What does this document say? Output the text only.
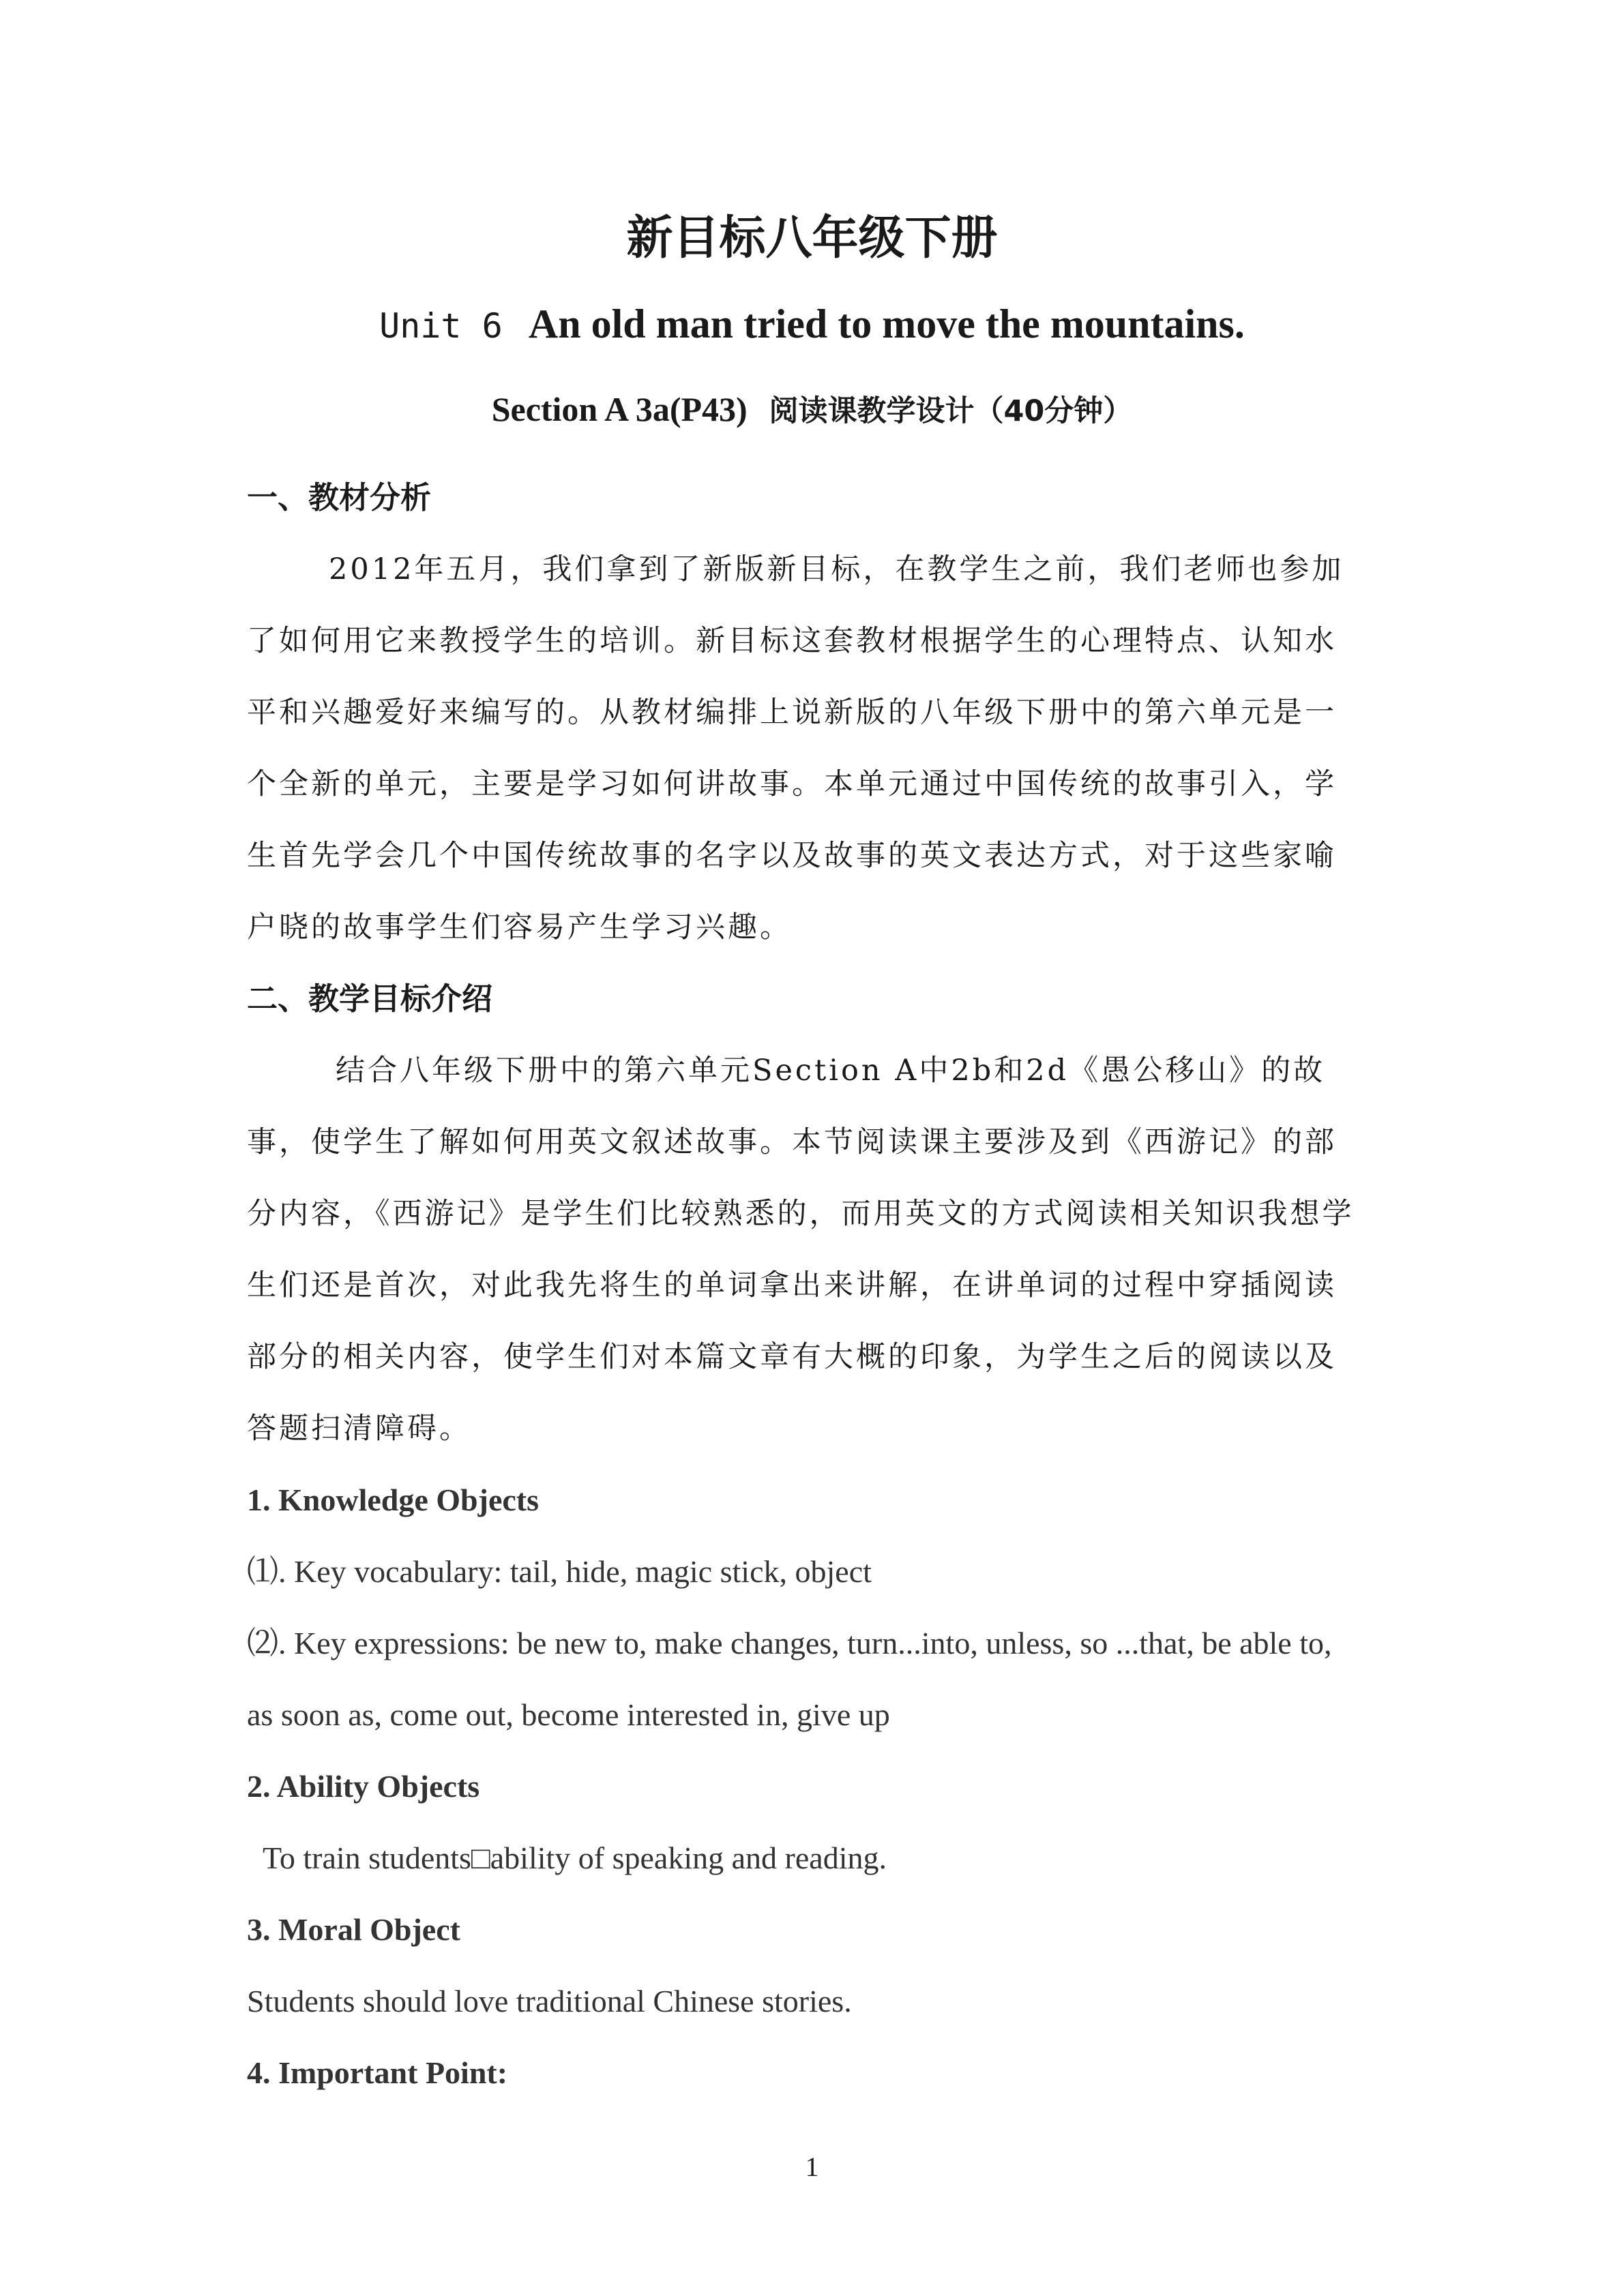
新目标八年级下册
Unit 6 An old man tried to move the mountains.
Section A 3a(P43) 阅读课教学设计（40分钟）
一、教材分析
2012年五月，我们拿到了新版新目标，在教学生之前，我们老师也参加
了如何用它来教授学生的培训。新目标这套教材根据学生的心理特点、认知水
平和兴趣爱好来编写的。从教材编排上说新版的八年级下册中的第六单元是一
个全新的单元，主要是学习如何讲故事。本单元通过中国传统的故事引入，学
生首先学会几个中国传统故事的名字以及故事的英文表达方式，对于这些家喻
户晓的故事学生们容易产生学习兴趣。
二、教学目标介绍
结合八年级下册中的第六单元Section A中2b和2d《愚公移山》的故
事，使学生了解如何用英文叙述故事。本节阅读课主要涉及到《西游记》的部
分内容，《西游记》是学生们比较熟悉的，而用英文的方式阅读相关知识我想学
生们还是首次，对此我先将生的单词拿出来讲解，在讲单词的过程中穿插阅读
部分的相关内容，使学生们对本篇文章有大概的印象，为学生之后的阅读以及
答题扫清障碍。
1. Knowledge Objects
⑴. Key vocabulary: tail, hide, magic stick, object
⑵. Key expressions: be new to, make changes, turn...into, unless, so ...that, be able to,
as soon as, come out, become interested in, give up
2. Ability Objects
To train students□ability of speaking and reading.
3. Moral Object
Students should love traditional Chinese stories.
4. Important Point:
1
